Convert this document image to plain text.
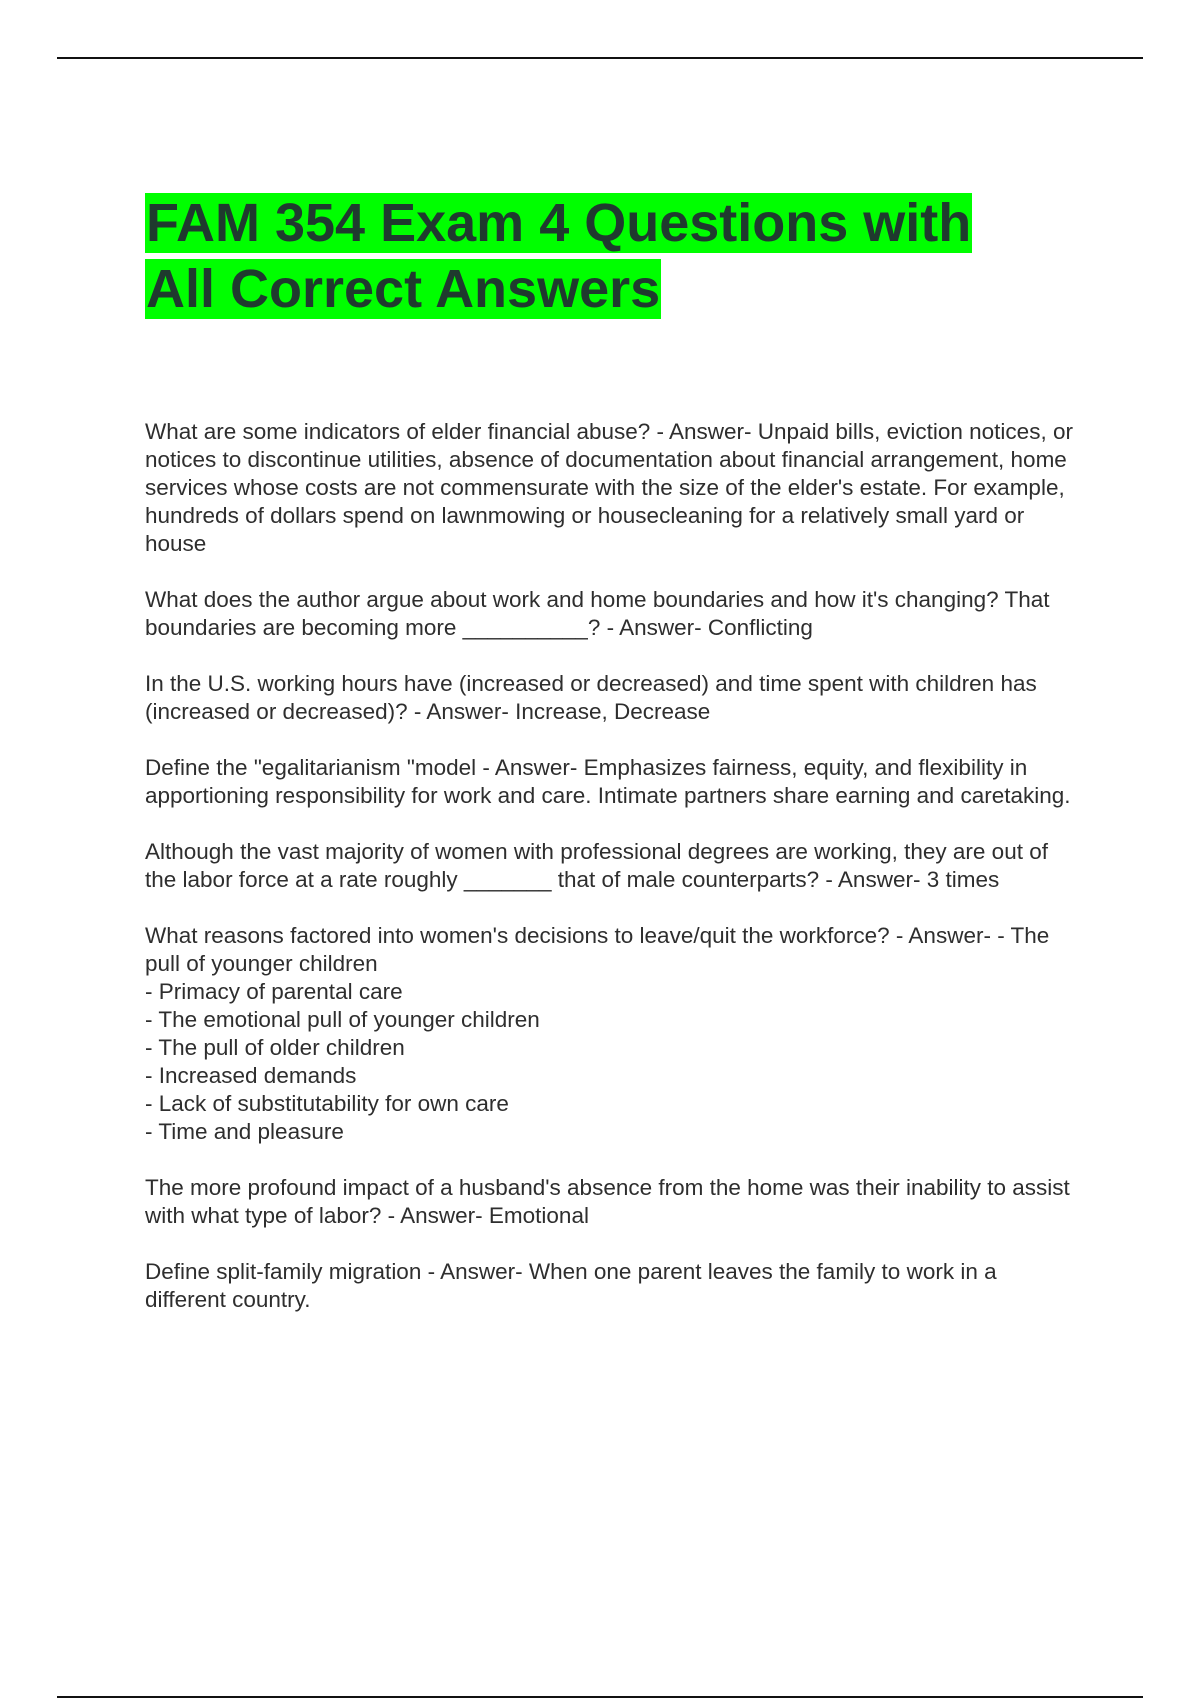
FAM 354 Exam 4 Questions with
All Correct Answers

What are some indicators of elder financial abuse? - Answer- Unpaid bills, eviction notices, or notices to discontinue utilities, absence of documentation about financial arrangement, home services whose costs are not commensurate with the size of the elder's estate. For example, hundreds of dollars spend on lawnmowing or housecleaning for a relatively small yard or house

What does the author argue about work and home boundaries and how it's changing? That boundaries are becoming more __________? - Answer- Conflicting

In the U.S. working hours have (increased or decreased) and time spent with children has (increased or decreased)? - Answer- Increase, Decrease

Define the "egalitarianism "model - Answer- Emphasizes fairness, equity, and flexibility in apportioning responsibility for work and care. Intimate partners share earning and caretaking.

Although the vast majority of women with professional degrees are working, they are out of the labor force at a rate roughly _______ that of male counterparts? - Answer- 3 times

What reasons factored into women's decisions to leave/quit the workforce? - Answer- - The pull of younger children
- Primacy of parental care
- The emotional pull of younger children
- The pull of older children
- Increased demands
- Lack of substitutability for own care
- Time and pleasure

The more profound impact of a husband's absence from the home was their inability to assist with what type of labor? - Answer- Emotional

Define split-family migration - Answer- When one parent leaves the family to work in a different country.
